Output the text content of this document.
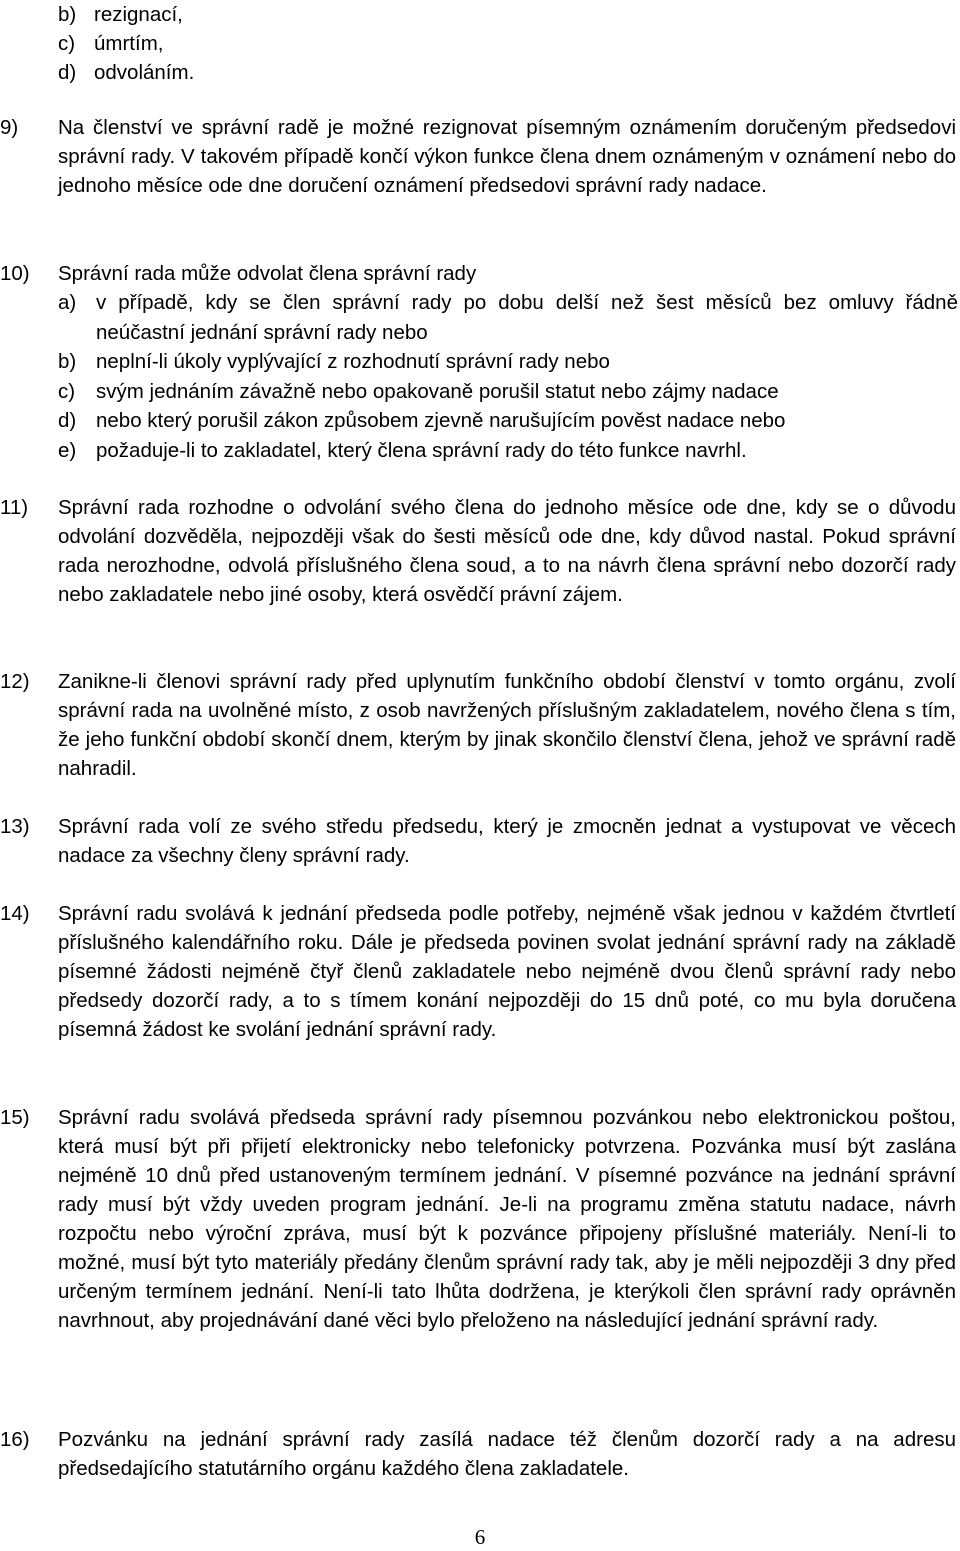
b) rezignací,
c) úmrtím,
d) odvoláním.
9) Na členství ve správní radě je možné rezignovat písemným oznámením doručeným předsedovi správní rady. V takovém případě končí výkon funkce člena dnem oznámeným v oznámení nebo do jednoho měsíce ode dne doručení oznámení předsedovi správní rady nadace.
10) Správní rada může odvolat člena správní rady
a) v případě, kdy se člen správní rady po dobu delší než šest měsíců bez omluvy řádně neúčastní jednání správní rady nebo
b) neplní-li úkoly vyplývající z rozhodnutí správní rady nebo
c)	svým jednáním závažně nebo opakovaně porušil statut nebo zájmy nadace
d) nebo který porušil zákon způsobem zjevně narušujícím pověst nadace nebo
e) požaduje-li to zakladatel, který člena správní rady do této funkce navrhl.
11) Správní rada rozhodne o odvolání svého člena do jednoho měsíce ode dne, kdy se o důvodu odvolání dozvěděla, nejpozději však do šesti měsíců ode dne, kdy důvod nastal. Pokud správní rada nerozhodne, odvolá příslušného člena soud, a to na návrh člena správní nebo dozorčí rady nebo zakladatele nebo jiné osoby, která osvědčí právní zájem.
12) Zanikne-li členovi správní rady před uplynutím funkčního období členství v tomto orgánu, zvolí správní rada na uvolněné místo, z osob navržených příslušným zakladatelem, nového člena s tím, že jeho funkční období skončí dnem, kterým by jinak skončilo členství člena, jehož ve správní radě nahradil.
13) Správní rada volí ze svého středu předsedu, který je zmocněn jednat a vystupovat ve věcech nadace za všechny členy správní rady.
14) Správní radu svolává k jednání předseda podle potřeby, nejméně však jednou v každém čtvrtletí příslušného kalendářního roku. Dále je předseda povinen svolat jednání správní rady na základě písemné žádosti nejméně čtyř členů zakladatele nebo nejméně dvou členů správní rady nebo předsedy dozorčí rady, a to s tímem konání nejpozději do 15 dnů poté, co mu byla doručena písemná žádost ke svolání jednání správní rady.
15) Správní radu svolává předseda správní rady písemnou pozvánkou nebo elektronickou poštou, která musí být při přijetí elektronicky nebo telefonicky potvrzena. Pozvánka musí být zaslána nejméně 10 dnů před ustanoveným termínem jednání. V písemné pozvánce na jednání správní rady musí být vždy uveden program jednání. Je-li na programu změna statutu nadace, návrh rozpočtu nebo výroční zpráva, musí být k pozvánce připojeny příslušné materiály. Není-li to možné, musí být tyto materiály předány členům správní rady tak, aby je měli nejpozději 3 dny před určeným termínem jednání. Není-li tato lhůta dodržena, je kterýkoli člen správní rady oprávněn navrhnout, aby projednávání dané věci bylo přeloženo na následující jednání správní rady.
16) Pozvánku na jednání správní rady zasílá nadace též členům dozorčí rady a na adresu předsedajícího statutárního orgánu každého člena zakladatele.
6
